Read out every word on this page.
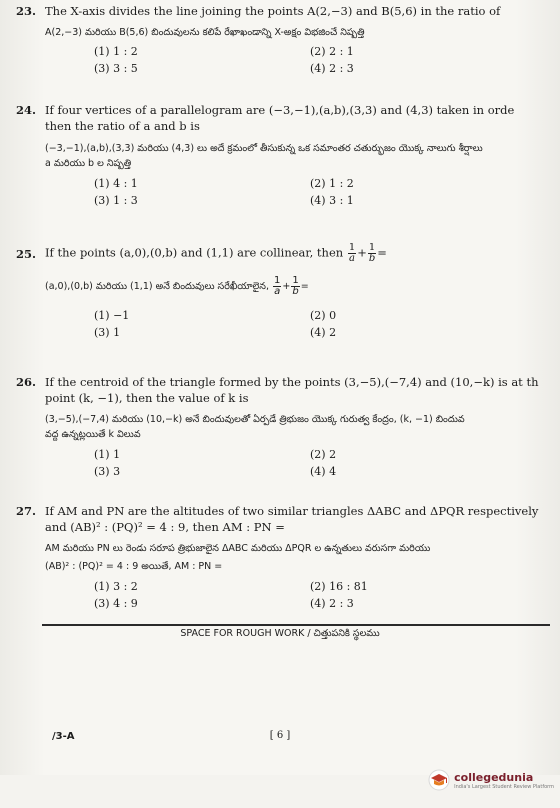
23. The X-axis divides the line joining the points A(2,−3) and B(5,6) in the ratio of
A(2,−3) మరియు B(5,6) బిందువులను కలిపే రేఖాఖండాన్ని X-అక్షం విభజించే నిష్పత్తి
(1) 1 : 2	(2) 2 : 1
(3) 3 : 5	(4) 2 : 3
24. If four vertices of a parallelogram are (−3,−1),(a,b),(3,3) and (4,3) taken in orde
then the ratio of a and b is
(−3,−1),(a,b),(3,3) మరియు (4,3) లు అదే క్రమంలో తీసుకున్న ఒక సమాంతర చతుర్భుజం యొక్క నాలుగు శీర్షాలు
a మరియు b ల నిష్పత్తి
(1) 4 : 1	(2) 1 : 2
(3) 1 : 3	(4) 3 : 1
25. If the points (a,0),(0,b) and (1,1) are collinear, then $\frac{1}{a} + \frac{1}{b}$ =
(a,0),(0,b) మరియు (1,1) అనే బిందువులు సరేఖీయాలైన, $\frac{1}{a} + \frac{1}{b}$ =
(1) −1	(2) 0
(3) 1	(4) 2
26. If the centroid of the triangle formed by the points (3,−5),(−7,4) and (10,−k) is at th
point (k, −1), then the value of k is
(3,−5),(−7,4) మరియు (10,−k) అనే బిందువులతో ఏర్పడే త్రిభుజం యొక్క గురుత్వ కేంద్రం, (k, −1) బిందువ
వద్ద ఉన్నట్లయితే k విలువ
(1) 1	(2) 2
(3) 3	(4) 4
27. If AM and PN are the altitudes of two similar triangles ΔABC and ΔPQR respectively
and (AB)² : (PQ)² = 4 : 9, then AM : PN =
AM మరియు PN లు రెండు సరూప త్రిభుజాలైన ΔABC మరియు ΔPQR ల ఉన్నతులు వరుసగా మరియు
(AB)² : (PQ)² = 4 : 9 అయితే, AM : PN =
(1) 3 : 2	(2) 16 : 81
(3) 4 : 9	(4) 2 : 3
SPACE FOR ROUGH WORK / చిత్తుపనికి స్థలము
/3-A	[ 6 ]
collegedunia
India's Largest Student Review Platform
